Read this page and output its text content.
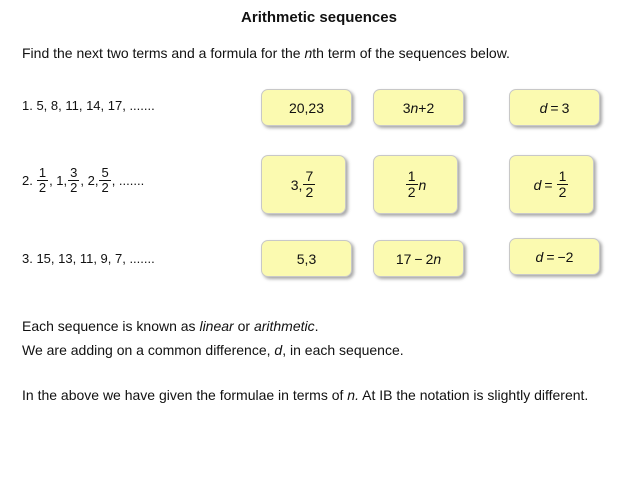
Arithmetic sequences
Find the next two terms and a formula for the nth term of the sequences below.
1. 5, 8, 11, 14, 17, .......	20,23	3 n + 2	d = 3
2. $\frac{1}{2}$ , 1, $\frac{3}{2}$ , 2, $\frac{5}{2}$ , .......	3, $\frac{7}{2}$	$\frac{1}{2}$ n	$d = \frac{1}{2}$
3. 15, 13, 11, 9, 7, .......	5,3	17 − 2 n	d = −2
Each sequence is known as linear or arithmetic.
We are adding on a common difference, d, in each sequence.
In the above we have given the formulae in terms of n. At IB the notation is slightly different.
